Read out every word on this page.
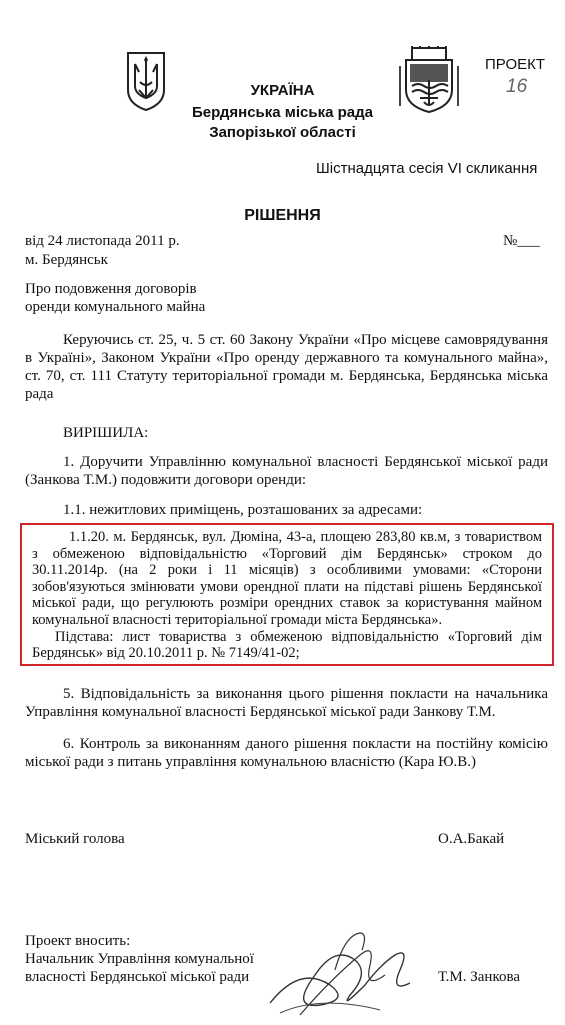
ПРОЕКТ
16
УКРАЇНА
Бердянська міська рада
Запорізької області
Шістнадцята сесія VI скликання
РІШЕННЯ
від 24 листопада 2011 р.	№___
м. Бердянськ
Про подовження договорів
оренди комунального майна
Керуючись ст. 25, ч. 5 ст. 60 Закону України «Про місцеве самоврядування
в Україні», Законом України «Про оренду державного та комунального майна»,
ст. 70, ст. 111 Статуту територіальної громади м. Бердянська, Бердянська міська
рада
ВИРІШИЛА:
1. Доручити Управлінню комунальної власності Бердянської міської ради
(Занкова Т.М.) подовжити договори оренди:
1.1. нежитлових приміщень, розташованих за адресами:
1.1.20. м. Бердянськ, вул. Дюміна, 43-а, площею 283,80 кв.м, з товариством
з обмеженою відповідальністю «Торговий дім Бердянськ» строком до
30.11.2014р. (на 2 роки і 11 місяців) з особливими умовами: «Сторони
зобов'язуються змінювати умови орендної плати на підставі рішень Бердянської
міської ради, що регулюють розміри орендних ставок за користування майном
комунальної власності територіальної громади міста Бердянська».
Підстава: лист товариства з обмеженою відповідальністю «Торговий дім
Бердянськ» від 20.10.2011 р. № 7149/41-02;
5. Відповідальність за виконання цього рішення покласти на начальника
Управління комунальної власності Бердянської міської ради Занкову Т.М.
6. Контроль за виконанням даного рішення покласти на постійну комісію
міської ради з питань управління комунальною власністю (Кара Ю.В.)
Міський голова	О.А.Бакай
Проект вносить:
Начальник Управління комунальної
власності Бердянської міської ради	Т.М. Занкова
